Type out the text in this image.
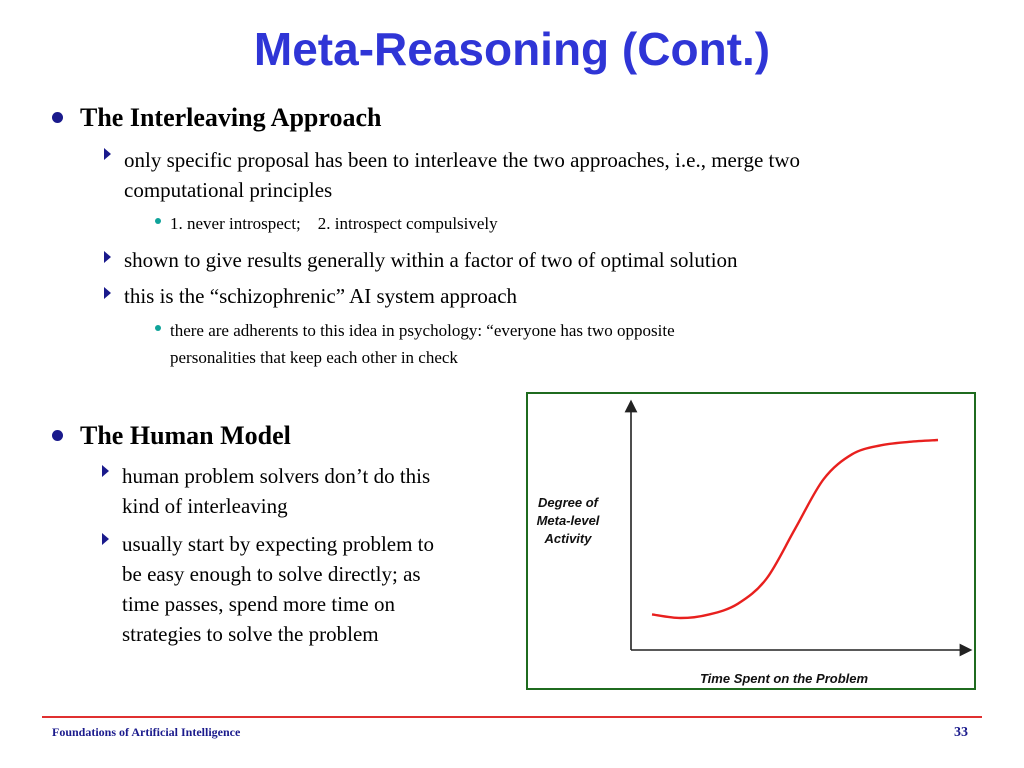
Meta-Reasoning (Cont.)
The Interleaving Approach
only specific proposal has been to interleave the two approaches, i.e., merge two
computational principles
1. never introspect;    2. introspect compulsively
shown to give results generally within a factor of two of optimal solution
this is the “schizophrenic” AI system approach
there are adherents to this idea in psychology: “everyone has two opposite
personalities that keep each other in check
The Human Model
human problem solvers don’t do this
kind of interleaving
usually start by expecting problem to
be easy enough to solve directly; as
time passes, spend more time on
strategies to solve the problem
Degree of
Meta-level
Activity
Time Spent on the Problem
Foundations of Artificial Intelligence	33
